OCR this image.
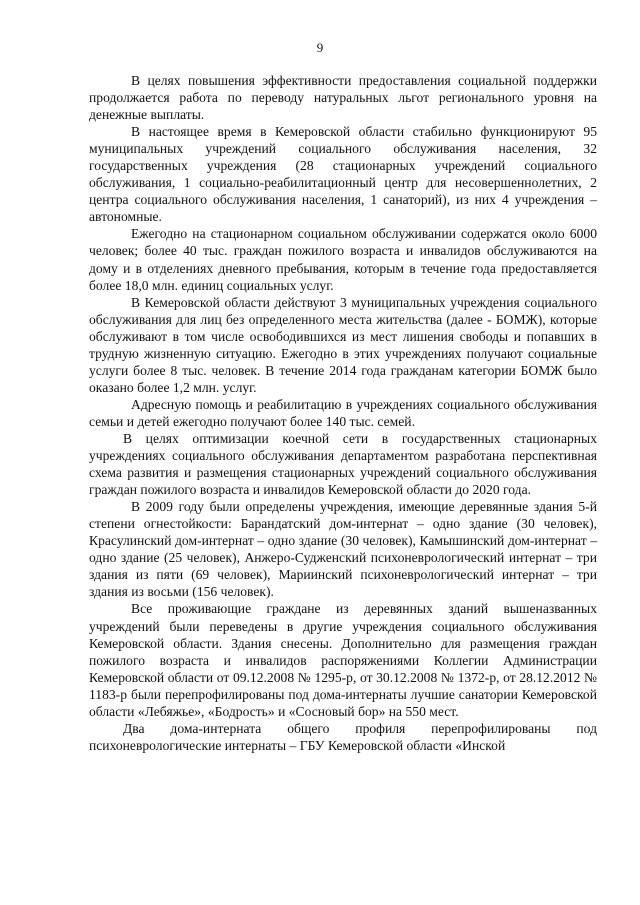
9

В целях повышения эффективности предоставления социальной поддержки продолжается работа по переводу натуральных льгот регионального уровня на денежные выплаты.

В настоящее время в Кемеровской области стабильно функционируют 95 муниципальных учреждений социального обслуживания населения, 32 государственных учреждения (28 стационарных учреждений социального обслуживания, 1 социально-реабилитационный центр для несовершеннолетних, 2 центра социального обслуживания населения, 1 санаторий), из них 4 учреждения – автономные.

Ежегодно на стационарном социальном обслуживании содержатся около 6000 человек; более 40 тыс. граждан пожилого возраста и инвалидов обслуживаются на дому и в отделениях дневного пребывания, которым в течение года предоставляется более 18,0 млн. единиц социальных услуг.

В Кемеровской области действуют 3 муниципальных учреждения социального обслуживания для лиц без определенного места жительства (далее - БОМЖ), которые обслуживают в том числе освободившихся из мест лишения свободы и попавших в трудную жизненную ситуацию. Ежегодно в этих учреждениях получают социальные услуги более 8 тыс. человек. В течение 2014 года гражданам категории БОМЖ было оказано более 1,2 млн. услуг.

Адресную помощь и реабилитацию в учреждениях социального обслуживания семьи и детей ежегодно получают более 140 тыс. семей.

В целях оптимизации коечной сети в государственных стационарных учреждениях социального обслуживания департаментом разработана перспективная схема развития и размещения стационарных учреждений социального обслуживания граждан пожилого возраста и инвалидов Кемеровской области до 2020 года.

В 2009 году были определены учреждения, имеющие деревянные здания 5-й степени огнестойкости: Барандатский дом-интернат – одно здание (30 человек), Красулинский дом-интернат – одно здание (30 человек), Камышинский дом-интернат – одно здание (25 человек), Анжеро-Судженский психоневрологический интернат – три здания из пяти (69 человек), Мариинский психоневрологический интернат – три здания из восьми (156 человек).

Все проживающие граждане из деревянных зданий вышеназванных учреждений были переведены в другие учреждения социального обслуживания Кемеровской области. Здания снесены. Дополнительно для размещения граждан пожилого возраста и инвалидов распоряжениями Коллегии Администрации Кемеровской области от 09.12.2008 № 1295-р, от 30.12.2008 № 1372-р, от 28.12.2012 № 1183-р были перепрофилированы под дома-интернаты лучшие санатории Кемеровской области «Лебяжье», «Бодрость» и «Сосновый бор» на 550 мест.

Два дома-интерната общего профиля перепрофилированы под психоневрологические интернаты – ГБУ Кемеровской области «Инской
